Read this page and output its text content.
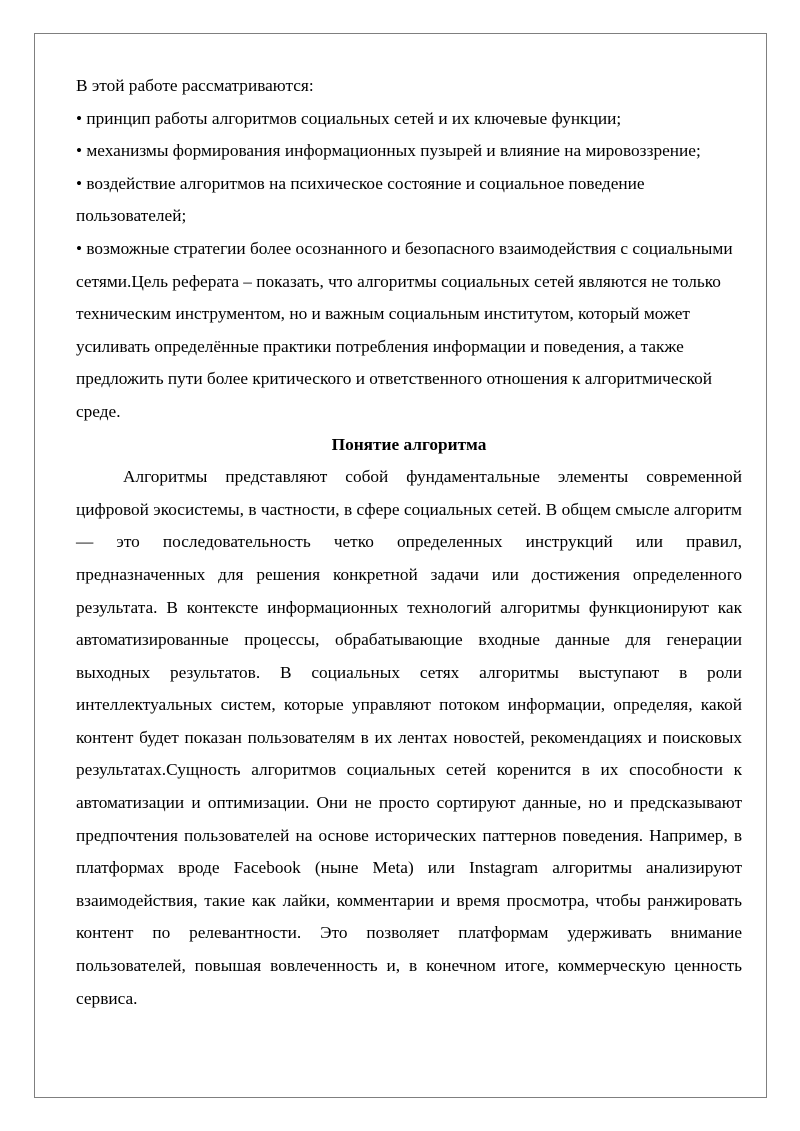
В этой работе рассматриваются:

• принцип работы алгоритмов социальных сетей и их ключевые функции;

• механизмы формирования информационных пузырей и влияние на мировоззрение;

• воздействие алгоритмов на психическое состояние и социальное поведение пользователей;

• возможные стратегии более осознанного и безопасного взаимодействия с социальными сетями.Цель реферата – показать, что алгоритмы социальных сетей являются не только техническим инструментом, но и важным социальным институтом, который может усиливать определённые практики потребления информации и поведения, а также предложить пути более критического и ответственного отношения к алгоритмической среде.

Понятие алгоритма

Алгоритмы представляют собой фундаментальные элементы современной цифровой экосистемы, в частности, в сфере социальных сетей. В общем смысле алгоритм — это последовательность четко определенных инструкций или правил, предназначенных для решения конкретной задачи или достижения определенного результата. В контексте информационных технологий алгоритмы функционируют как автоматизированные процессы, обрабатывающие входные данные для генерации выходных результатов. В социальных сетях алгоритмы выступают в роли интеллектуальных систем, которые управляют потоком информации, определяя, какой контент будет показан пользователям в их лентах новостей, рекомендациях и поисковых результатах.Сущность алгоритмов социальных сетей коренится в их способности к автоматизации и оптимизации. Они не просто сортируют данные, но и предсказывают предпочтения пользователей на основе исторических паттернов поведения. Например, в платформах вроде Facebook (ныне Meta) или Instagram алгоритмы анализируют взаимодействия, такие как лайки, комментарии и время просмотра, чтобы ранжировать контент по релевантности. Это позволяет платформам удерживать внимание пользователей, повышая вовлеченность и, в конечном итоге, коммерческую ценность сервиса.
